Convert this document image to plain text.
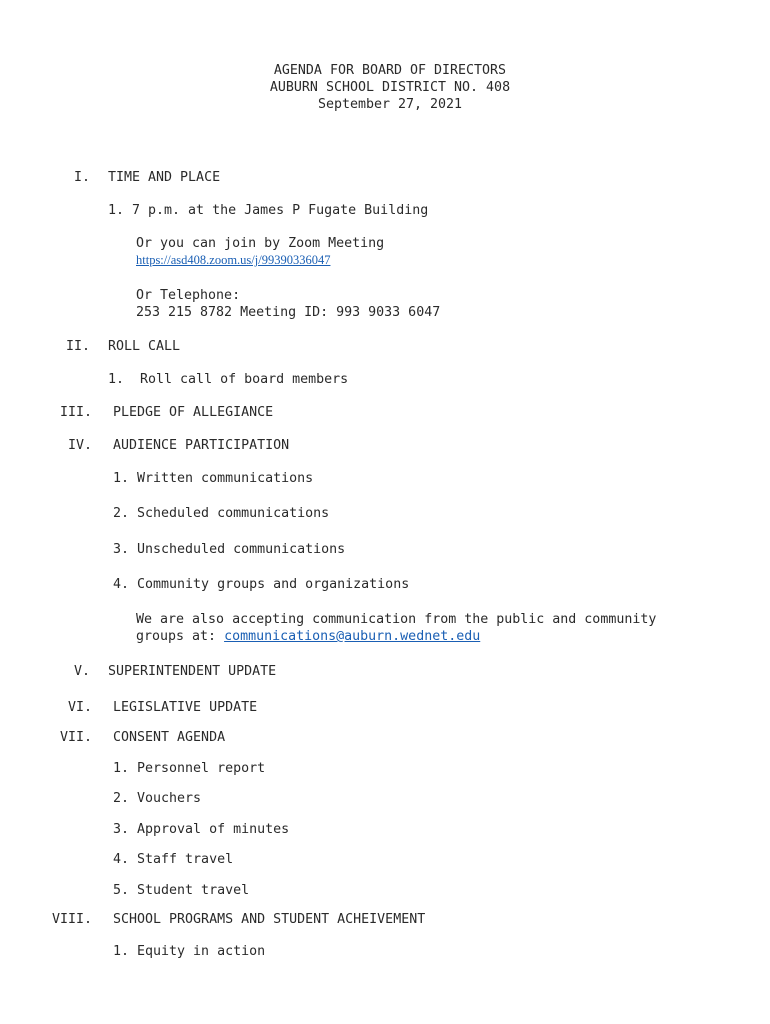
AGENDA FOR BOARD OF DIRECTORS
AUBURN SCHOOL DISTRICT NO. 408
September 27, 2021
I. TIME AND PLACE
1. 7 p.m. at the James P Fugate Building
Or you can join by Zoom Meeting
https://asd408.zoom.us/j/99390336047
Or Telephone:
253 215 8782 Meeting ID: 993 9033 6047
II. ROLL CALL
1.  Roll call of board members
III. PLEDGE OF ALLEGIANCE
IV. AUDIENCE PARTICIPATION
1. Written communications
2. Scheduled communications
3. Unscheduled communications
4. Community groups and organizations
We are also accepting communication from the public and community
groups at: communications@auburn.wednet.edu
V. SUPERINTENDENT UPDATE
VI. LEGISLATIVE UPDATE
VII. CONSENT AGENDA
1. Personnel report
2. Vouchers
3. Approval of minutes
4. Staff travel
5. Student travel
VIII. SCHOOL PROGRAMS AND STUDENT ACHEIVEMENT
1. Equity in action
